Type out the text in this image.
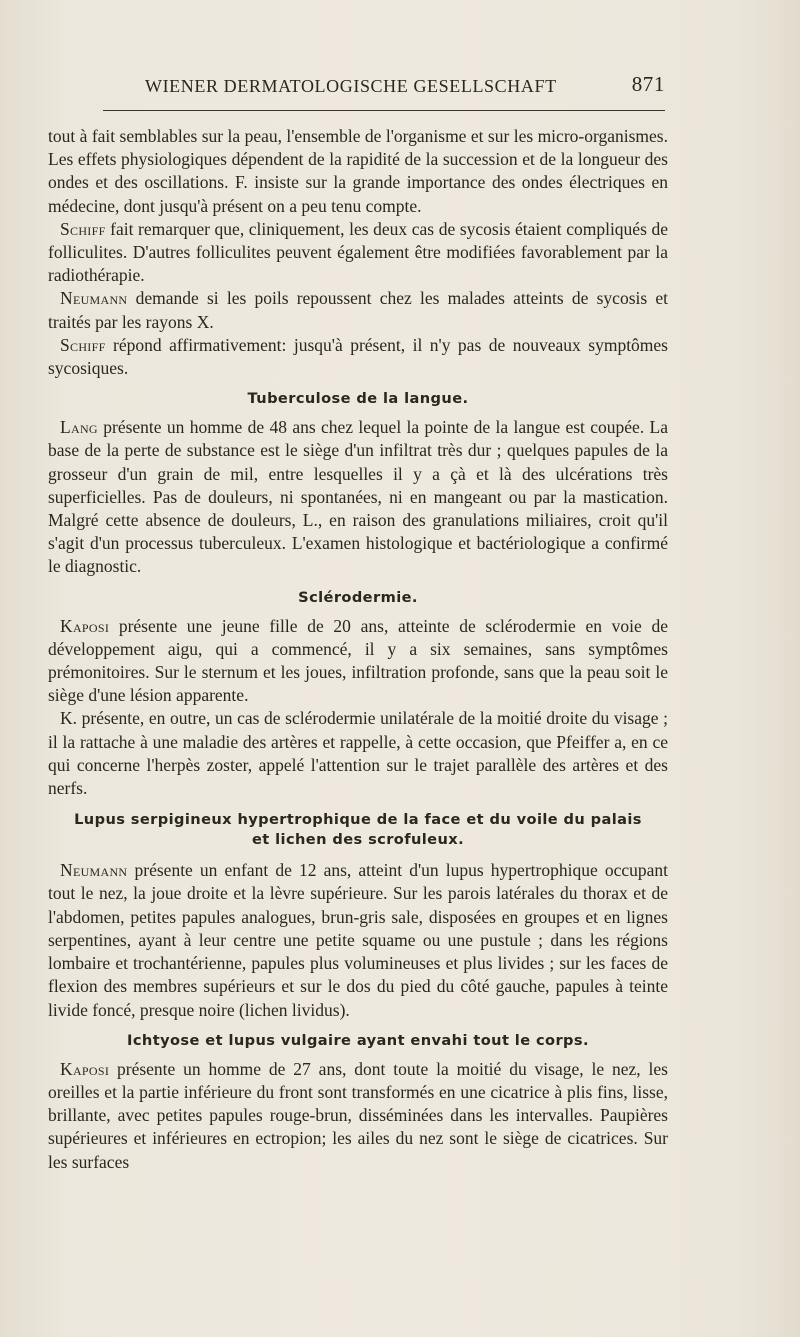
WIENER DERMATOLOGISCHE GESELLSCHAFT	871

tout à fait semblables sur la peau, l'ensemble de l'organisme et sur les micro-organismes. Les effets physiologiques dépendent de la rapidité de la succession et de la longueur des ondes et des oscillations. F. insiste sur la grande importance des ondes électriques en médecine, dont jusqu'à présent on a peu tenu compte.

Schiff fait remarquer que, cliniquement, les deux cas de sycosis étaient compliqués de folliculites. D'autres folliculites peuvent également être modifiées favorablement par la radiothérapie.

Neumann demande si les poils repoussent chez les malades atteints de sycosis et traités par les rayons X.

Schiff répond affirmativement: jusqu'à présent, il n'y pas de nouveaux symptômes sycosiques.

Tuberculose de la langue.

Lang présente un homme de 48 ans chez lequel la pointe de la langue est coupée. La base de la perte de substance est le siège d'un infiltrat très dur ; quelques papules de la grosseur d'un grain de mil, entre lesquelles il y a çà et là des ulcérations très superficielles. Pas de douleurs, ni spontanées, ni en mangeant ou par la mastication. Malgré cette absence de douleurs, L., en raison des granulations miliaires, croit qu'il s'agit d'un processus tuberculeux. L'examen histologique et bactériologique a confirmé le diagnostic.

Sclérodermie.

Kaposi présente une jeune fille de 20 ans, atteinte de sclérodermie en voie de développement aigu, qui a commencé, il y a six semaines, sans symptômes prémonitoires. Sur le sternum et les joues, infiltration profonde, sans que la peau soit le siège d'une lésion apparente.

K. présente, en outre, un cas de sclérodermie unilatérale de la moitié droite du visage ; il la rattache à une maladie des artères et rappelle, à cette occasion, que Pfeiffer a, en ce qui concerne l'herpès zoster, appelé l'attention sur le trajet parallèle des artères et des nerfs.

Lupus serpigineux hypertrophique de la face et du voile du palais
et lichen des scrofuleux.

Neumann présente un enfant de 12 ans, atteint d'un lupus hypertrophique occupant tout le nez, la joue droite et la lèvre supérieure. Sur les parois latérales du thorax et de l'abdomen, petites papules analogues, brun-gris sale, disposées en groupes et en lignes serpentines, ayant à leur centre une petite squame ou une pustule ; dans les régions lombaire et trochantérienne, papules plus volumineuses et plus livides ; sur les faces de flexion des membres supérieurs et sur le dos du pied du côté gauche, papules à teinte livide foncé, presque noire (lichen lividus).

Ichtyose et lupus vulgaire ayant envahi tout le corps.

Kaposi présente un homme de 27 ans, dont toute la moitié du visage, le nez, les oreilles et la partie inférieure du front sont transformés en une cicatrice à plis fins, lisse, brillante, avec petites papules rouge-brun, disséminées dans les intervalles. Paupières supérieures et inférieures en ectropion; les ailes du nez sont le siège de cicatrices. Sur les surfaces
